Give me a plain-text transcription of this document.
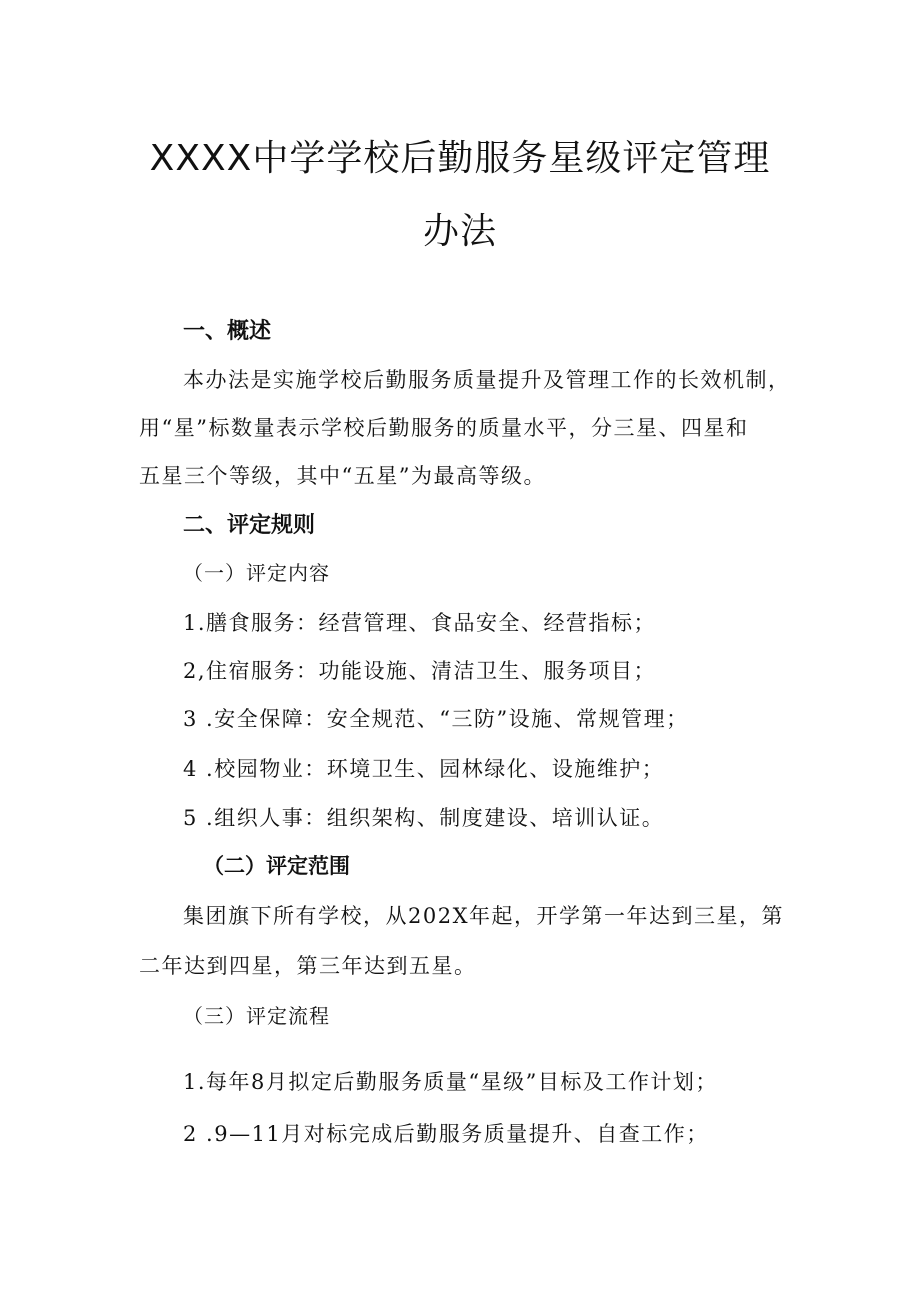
XXXX中学学校后勤服务星级评定管理
办法
一、概述
本办法是实施学校后勤服务质量提升及管理工作的长效机制，
用“星”标数量表示学校后勤服务的质量水平，分三星、四星和
五星三个等级，其中“五星”为最高等级。
二、评定规则
（一）评定内容
1.膳食服务：经营管理、食品安全、经营指标；
2,住宿服务：功能设施、清洁卫生、服务项目；
3 .安全保障：安全规范、“三防”设施、常规管理；
4 .校园物业：环境卫生、园林绿化、设施维护；
5 .组织人事：组织架构、制度建设、培训认证。
（二）评定范围
集团旗下所有学校，从202X年起，开学第一年达到三星，第
二年达到四星，第三年达到五星。
（三）评定流程
1.每年8月拟定后勤服务质量“星级”目标及工作计划；
2 .9—11月对标完成后勤服务质量提升、自查工作；
